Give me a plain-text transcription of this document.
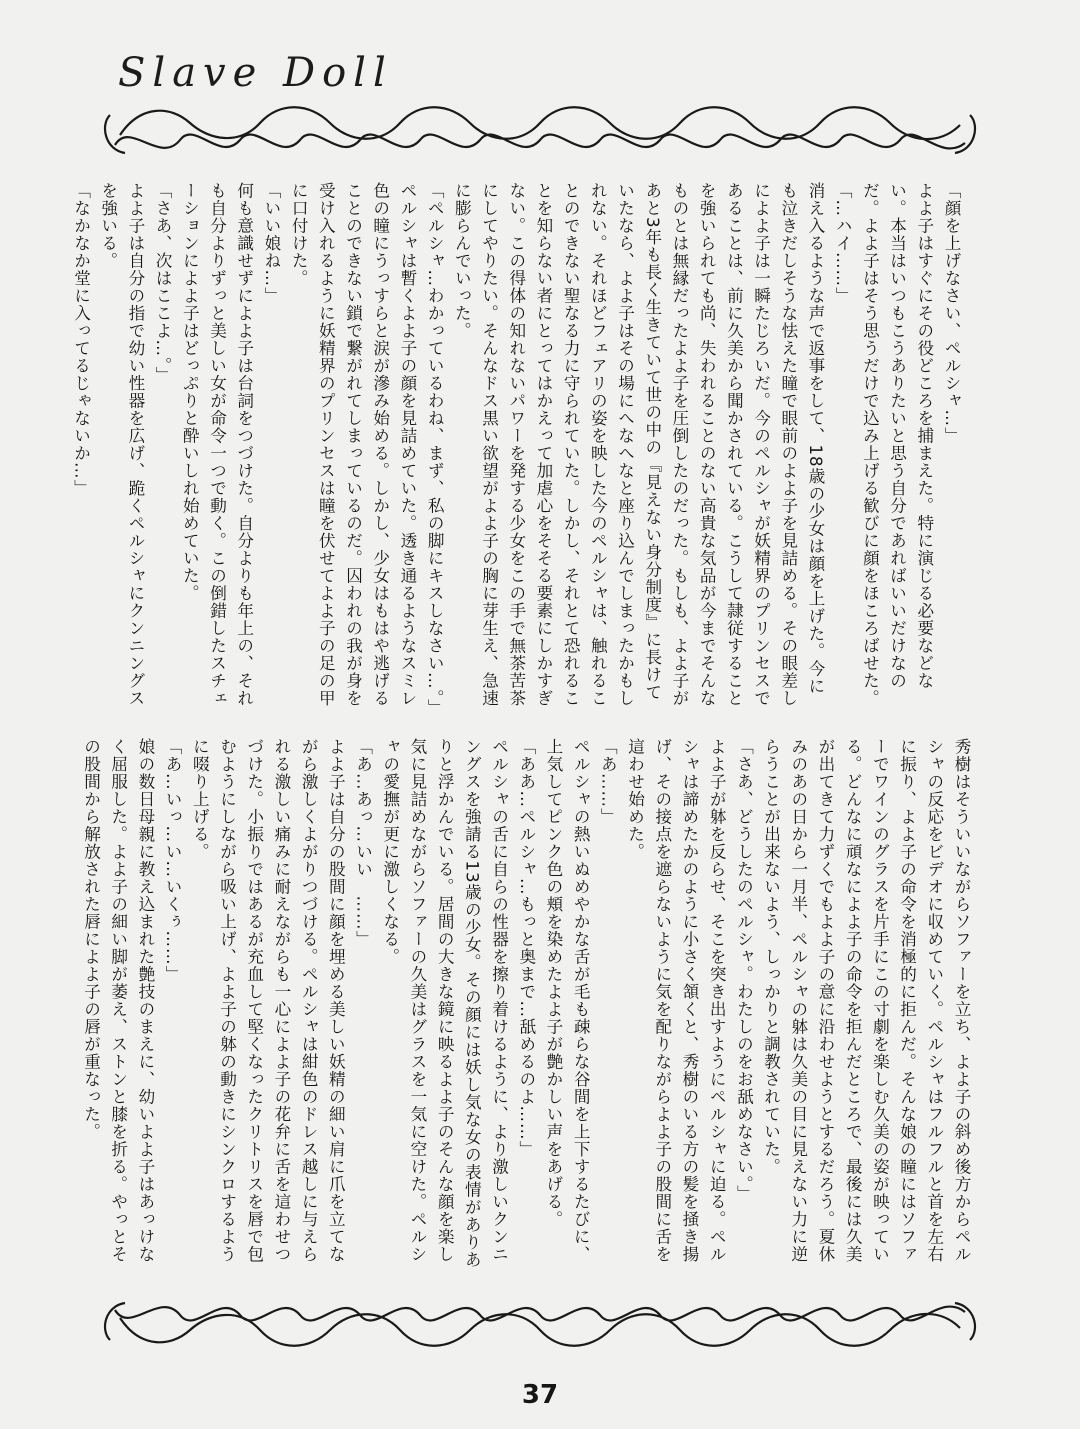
Slave Doll

「顔を上げなさい、ペルシャ…」

よよ子はすぐにその役どころを捕まえた。特に演じる必要などない。本当はいつもこうありたいと思う自分であればいいだけなのだ。よよ子はそう思うだけで込み上げる歓びに顔をほころばせた。

「…ハイ……」

消え入るような声で返事をして、18歳の少女は顔を上げた。今にも泣きだしそうな怯えた瞳で眼前のよよ子を見詰める。その眼差しによよ子は一瞬たじろいだ。今のペルシャが妖精界のプリンセスであることは、前に久美から聞かされている。こうして隷従することを強いられても尚、失われることのない高貴な気品が今までそんなものとは無縁だったよよ子を圧倒したのだった。もしも、よよ子があと3年も長く生きていて世の中の『見えない身分制度』に長けていたなら、よよ子はその場にへなへなと座り込んでしまったかもしれない。それほどフェアリの姿を映した今のペルシャは、触れることのできない聖なる力に守られていた。しかし、それとて恐れることを知らない者にとってはかえって加虐心をそそる要素にしかすぎない。この得体の知れないパワーを発する少女をこの手で無茶苦茶にしてやりたい。そんなドス黒い欲望がよよ子の胸に芽生え、急速に膨らんでいった。

「ペルシャ…わかっているわね、まず、私の脚にキスしなさい…。」

ペルシャは暫くよよ子の顔を見詰めていた。透き通るようなスミレ色の瞳にうっすらと涙が滲み始める。しかし、少女はもはや逃げることのできない鎖で繋がれてしまっているのだ。囚われの我が身を受け入れるように妖精界のプリンセスは瞳を伏せてよよ子の足の甲に口付けた。

「いい娘ね…」

何も意識せずによよ子は台詞をつづけた。自分よりも年上の、それも自分よりずっと美しい女が命令一つで動く。この倒錯したスチェーションによよ子はどっぷりと酔いしれ始めていた。

「さあ、次はここよ…。」

よよ子は自分の指で幼い性器を広げ、跪くペルシャにクンニングスを強いる。

「なかなか堂に入ってるじゃないか…」

秀樹はそういいながらソファーを立ち、よよ子の斜め後方からペルシャの反応をビデオに収めていく。ペルシャはフルフルと首を左右に振り、よよ子の命令を消極的に拒んだ。そんな娘の瞳にはソファーでワインのグラスを片手にこの寸劇を楽しむ久美の姿が映っている。どんなに頑なによよ子の命令を拒んだところで、最後には久美が出てきて力ずくでもよよ子の意に沿わせようとするだろう。夏休みのあの日から一月半、ペルシャの躰は久美の目に見えない力に逆らうことが出来ないよう、しっかりと調教されていた。

「さあ、どうしたのペルシャ。わたしのをお舐めなさい。」

よよ子が躰を反らせ、そこを突き出すようにペルシャに迫る。ペルシャは諦めたかのように小さく頷くと、秀樹のいる方の髪を掻き揚げ、その接点を遮らないように気を配りながらよよ子の股間に舌を這わせ始めた。

「あ……」

ペルシャの熱いぬめやかな舌が毛も疎らな谷間を上下するたびに、上気してピンク色の頬を染めたよよ子が艶かしい声をあげる。

「ああ…ペルシャ…もっと奥まで…舐めるのよ……」

ペルシャの舌に自らの性器を擦り着けるように、より激しいクンニングスを強請る13歳の少女。その顔には妖し気な女の表情がありありと浮かんでいる。居間の大きな鏡に映るよよ子のそんな顔を楽し気に見詰めながらソファーの久美はグラスを一気に空けた。ペルシャの愛撫が更に激しくなる。

「あ…あっ…いい　……」

よよ子は自分の股間に顔を埋める美しい妖精の細い肩に爪を立てながら激しくよがりつづける。ペルシャは紺色のドレス越しに与えられる激しい痛みに耐えながらも一心によよ子の花弁に舌を這わせつづけた。小振りではあるが充血して堅くなったクリトリスを唇で包むようにしながら吸い上げ、よよ子の躰の動きにシンクロするように啜り上げる。

「あ…いっ…い…いくぅ……」

娘の数日母親に教え込まれた艶技のまえに、幼いよよ子はあっけなく屈服した。よよ子の細い脚が萎え、ストンと膝を折る。やっとその股間から解放された唇によよ子の唇が重なった。

37
